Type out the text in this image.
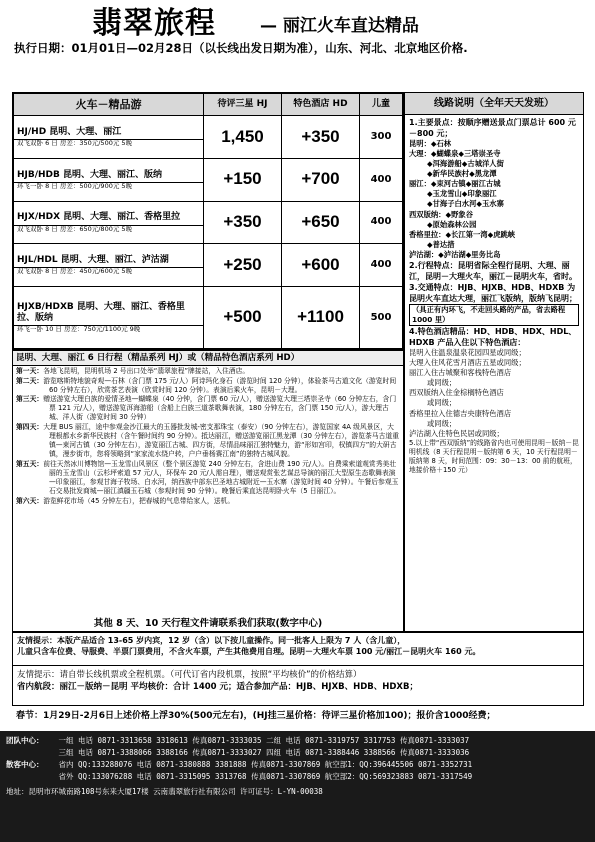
翡翠旅程	— 丽江火车直达精品
执行日期：01月01日—02月28日（以长线出发日期为准），山东、河北、北京地区价格.
火车－精品游	待评三星 HJ	特色酒店 HD	儿童

HJ/HD 昆明、大理、丽江
双飞双卧 6 日 房差：350元/500元 5晚	1,450	+350	300

HJB/HDB 昆明、大理、丽江、版纳
环飞一卧 8 日 房差：500元/900元 5晚	+150	+700	400

HJX/HDX 昆明、大理、丽江、香格里拉
双飞双卧 8 日 房差：650元/800元 5晚	+350	+650	400

HJL/HDL 昆明、大理、丽江、泸沽湖
双飞双卧 8 日 房差：450元/600元 5晚	+250	+600	400

HJXB/HDXB 昆明、大理、丽江、香格里拉、版纳
环飞一卧 10 日 房差：750元/1100元 9晚	+500	+1100	500
线路说明（全年天天发班）
1.主要景点：按顺序赠送景点门票总计 600 元－800 元；
昆明：◆石林
大理：◆蝴蝶泉◆三塔崇圣寺
◆洱海游船◆古城洋人街
◆新华民族村◆黑龙潭
丽江：◆束河古镇◆丽江古城
◆玉龙雪山◆印象丽江
◆甘海子白水河◆玉水寨
西双版纳：◆野象谷
◆原始森林公园
香格里拉：◆长江第一湾◆虎跳峡
◆普达措
泸沽湖：◆泸沽湖◆里务比岛
2.行程特点：昆明省际全程行昆明、大理、丽江，昆明－大理火车，丽江－昆明火车，省时。
3.交通特点：HJB、HJXB、HDB、HDXB 为昆明火车直达大理，丽江飞版纳，版纳飞昆明；
（具正有内环飞，不走回头路的产品，省去路程 1000 里）
4.特色酒店精品：HD、HDB、HDX、HDL、HDXB 产品入住以下特色酒店：
昆明入住温泉温泉花园四星或同级；
大理入住风花雪月酒店五星或同级；
丽江入住古城聚和客栈特色酒店
或同级；
西双版纳入住金棕榈特色酒店
或同级；
香格里拉入住德吉央康特色酒店
或同级；
泸沽湖入住特色民居或同级；
5.以上带“西双版纳”的线路省内也可使用昆明－版纳－昆明机线（8 天行程昆明－版纳第 6 天，10 天行程昆明－版纳第 8 天，时间范围：09：30－13：00 前的航班，地接价格＋150 元）
昆明、大理、丽江 6 日行程（精品系列 HJ）或（精品特色酒店系列 HD）

第一天：各地飞昆明，昆明机场 2 号出口处举“翡翠旅程”牌接站，入住酒店。

第二天：游览喀斯特地貌奇观—石林（含门票 175 元/人）阿诗玛化身石（游览时间 120 分钟），体验茶马古道文化（游览时间 60 分钟左右），欣赏茶艺表演（欣赏时间 120 分钟）。表演后乘火车，昆明－大理。

第三天：赠送游览大理白族的爱情圣地—蝴蝶泉（40 分钟，含门票 60 元/人），赠送游览大理三塔崇圣寺（60 分钟左右，含门票 121 元/人），赠送游览洱海游船（含船上白族三道茶歌舞表演，180 分钟左右，含门票 150 元/人），游大理古城、洋人街（游览时间 30 分钟）

第四天：大理 BUS 丽江，途中参观金沙江最大的玉器批发城-密支那珠宝（泰安）（90 分钟左右），游览国家 4A 级风景区，大理根都水乡新华民族村（含午餐时间约 90 分钟）。抵达丽江，赠送游览丽江黑龙潭（30 分钟左右），游览茶马古道重镇—束河古镇（30 分钟左右），游览丽江古城、四方街，尽情品味丽江独特魅力，游“形如宫印，权镇四方”的大研古镇，漫步街市，您将领略到“家家流水绕户转，户户垂杨赛江南”的独特古城风貌。

第五天：前往天然冰川博物馆—玉龙雪山风景区（整个景区游览 240 分钟左右，含进山费 190 元/人）。自费乘索道观赏秀美壮丽的玉龙雪山（云杉坪索道 57 元/人，环保车 20 元/人需自理），赠送观赏张艺谋总导演的丽江大型原生态歌舞表演—印象丽江，参观甘海子牧场、白水河，纳西族中部东巴圣地古城附近—玉水寨（游览时间 40 分钟）。午餐后参观玉石交易批发商城—丽江滇疆玉石城（参观时间 90 分钟）。晚餐后乘直达昆明卧火车（5 日丽江）。

第六天：游览鲜花市场（45 分钟左右），把春城的气息带给家人，送机。

其他 8 天、10 天行程文件请联系我们获取(数字中心)
友情提示：本版产品适合 13-65 岁内宾，12 岁（含）以下按儿童操作。同一批客人上限为 7 人（含儿童），
儿童只含车位费、导服费、半票门票费用，不含火车票，产生其他费用自理。昆明－大理火车票 100 元/丽江－昆明火车 160 元。
友情提示：请自带长线机票或全程机票。（可代订省内段机票，按照“平均核价”的价格结算）
省内航段：丽江－版纳－昆明 平均核价：合计 1400 元；适合参加产品：HJB、HJXB、HDB、HDXB；
春节：1月29日-2月6日上述价格上浮30%(500元左右)，(HJ挂三星价格：待评三星价格加100)；报价含1000经费；
团队中心： 一组 电话 0871-3313658 3318613 传真0871-3333035 二组 电话 0871-3319757 3317753 传真0871-3333037
三组 电话 0871-3388066 3388166 传真0871-3333027 四组 电话 0871-3388446 3388566 传真0871-3333036
散客中心： 省内 QQ:133288076 电话 0871-3380888 3381888 传真0871-3307869 航空部1：QQ:396445506 0871-3352731
省外 QQ:133076288 电话 0871-3315095 3313768 传真0871-3307869 航空部2：QQ:569323883 0871-3317549
地址：昆明市环城南路108号东来大厦17楼 云南翡翠旅行社有限公司 许可证号：L-YN-00038
